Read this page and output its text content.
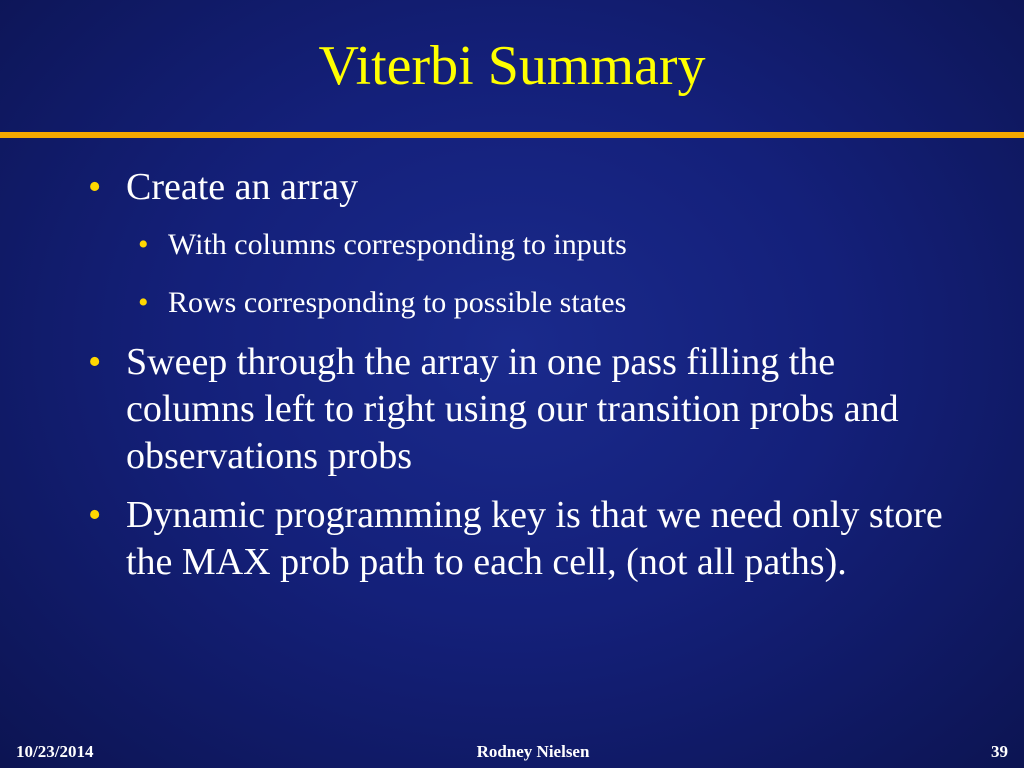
Viterbi Summary
• Create an array
• With columns corresponding to inputs
• Rows corresponding to possible states
• Sweep through the array in one pass filling the columns left to right using our transition probs and observations probs
• Dynamic programming key is that we need only store the MAX prob path to each cell, (not all paths).
10/23/2014	Rodney Nielsen	39
